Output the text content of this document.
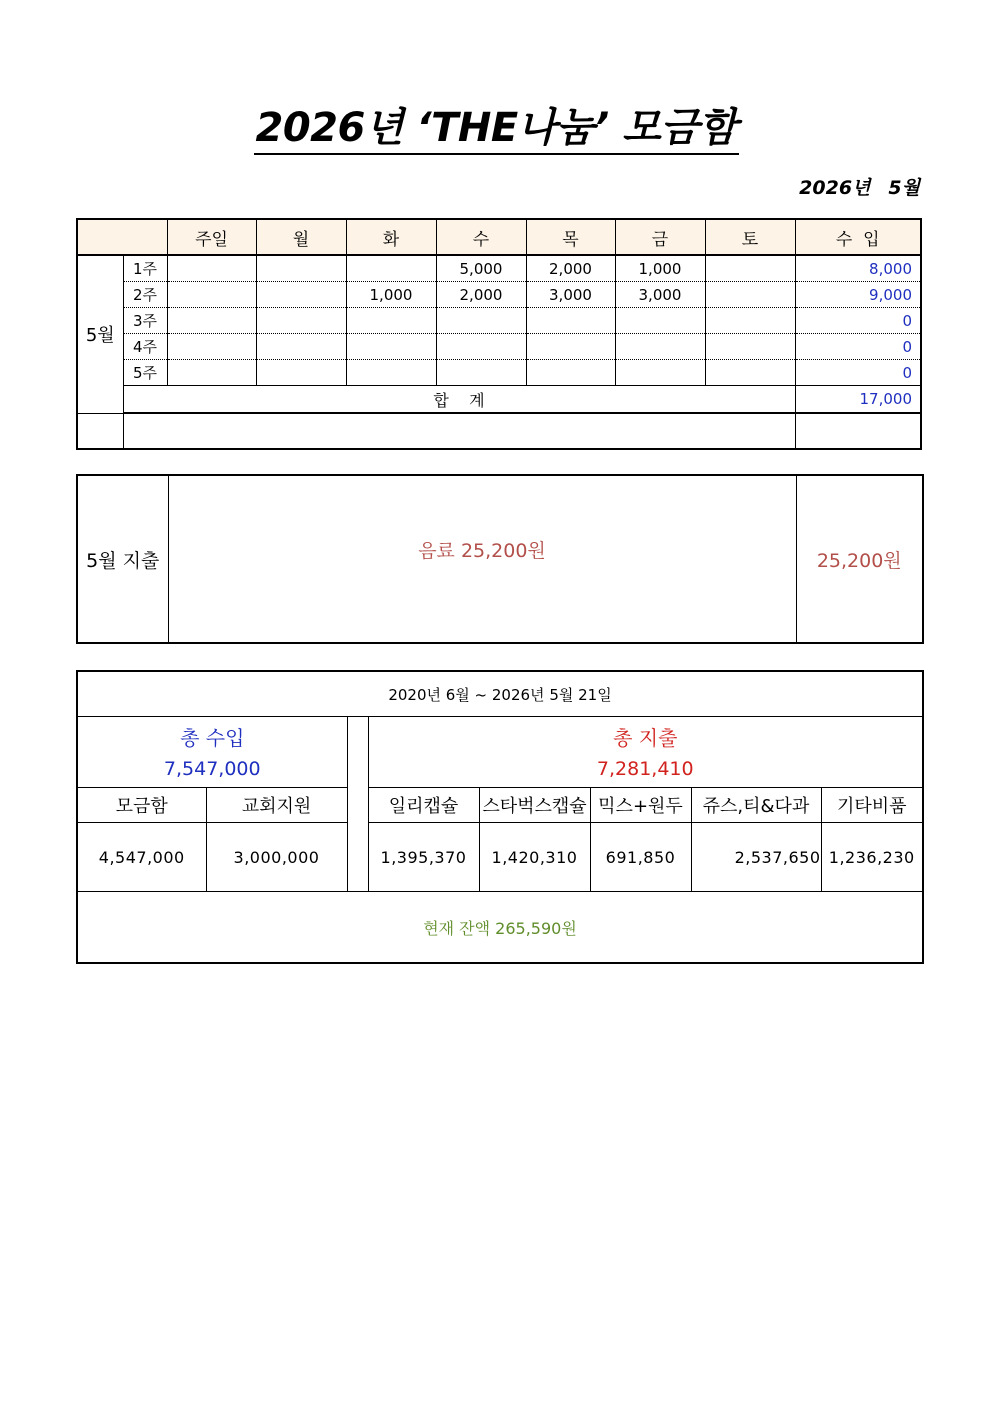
2026년 ‘THE나눔’ 모금함
2026년 5월
		주일	월	화	수	목	금	토	수  입
5월	1주				5,000	2,000	1,000		8,000
	2주			1,000	2,000	3,000	3,000		9,000
	3주								0
	4주								0
	5주								0
	합    계								17,000

5월 지출	음료 25,200원	25,200원
2020년 6월 ~ 2026년 5월 21일							
총 수입			총 지출				
7,547,000			7,281,410				
모금함	교회지원		일리캡슐	스타벅스캡슐	믹스+원두	쥬스,티&다과	기타비품
4,547,000	3,000,000		1,395,370	1,420,310	691,850	2,537,650	1,236,230
현재 잔액 265,590원							
